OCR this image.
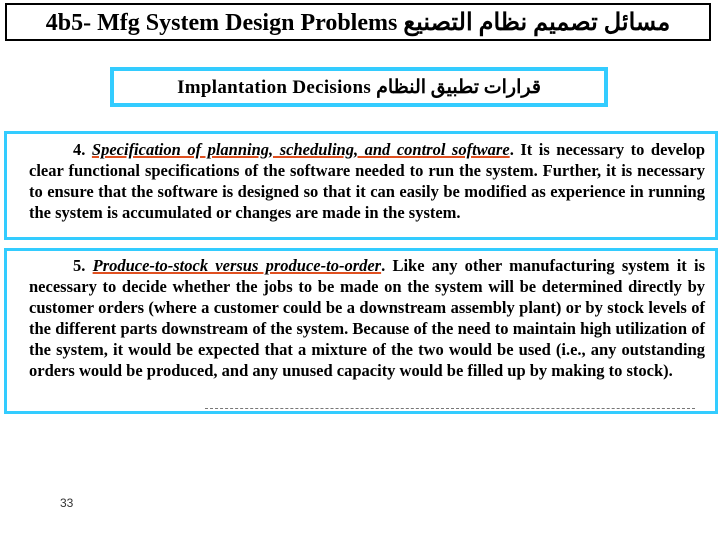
4b5- Mfg System Design Problems مسائل تصميم نظام التصنيع
Implantation Decisions قرارات تطبيق النظام
4. Specification of planning, scheduling, and control software. It is necessary to develop clear functional specifications of the software needed to run the system. Further, it is necessary to ensure that the software is designed so that it can easily be modified as experience in running the system is accumulated or changes are made in the system.
5. Produce-to-stock versus produce-to-order. Like any other manufacturing system it is necessary to decide whether the jobs to be made on the system will be determined directly by customer orders (where a customer could be a downstream assembly plant) or by stock levels of the different parts downstream of the system. Because of the need to maintain high utilization of the system, it would be expected that a mixture of the two would be used (i.e., any outstanding orders would be produced, and any unused capacity would be filled up by making to stock).
33
